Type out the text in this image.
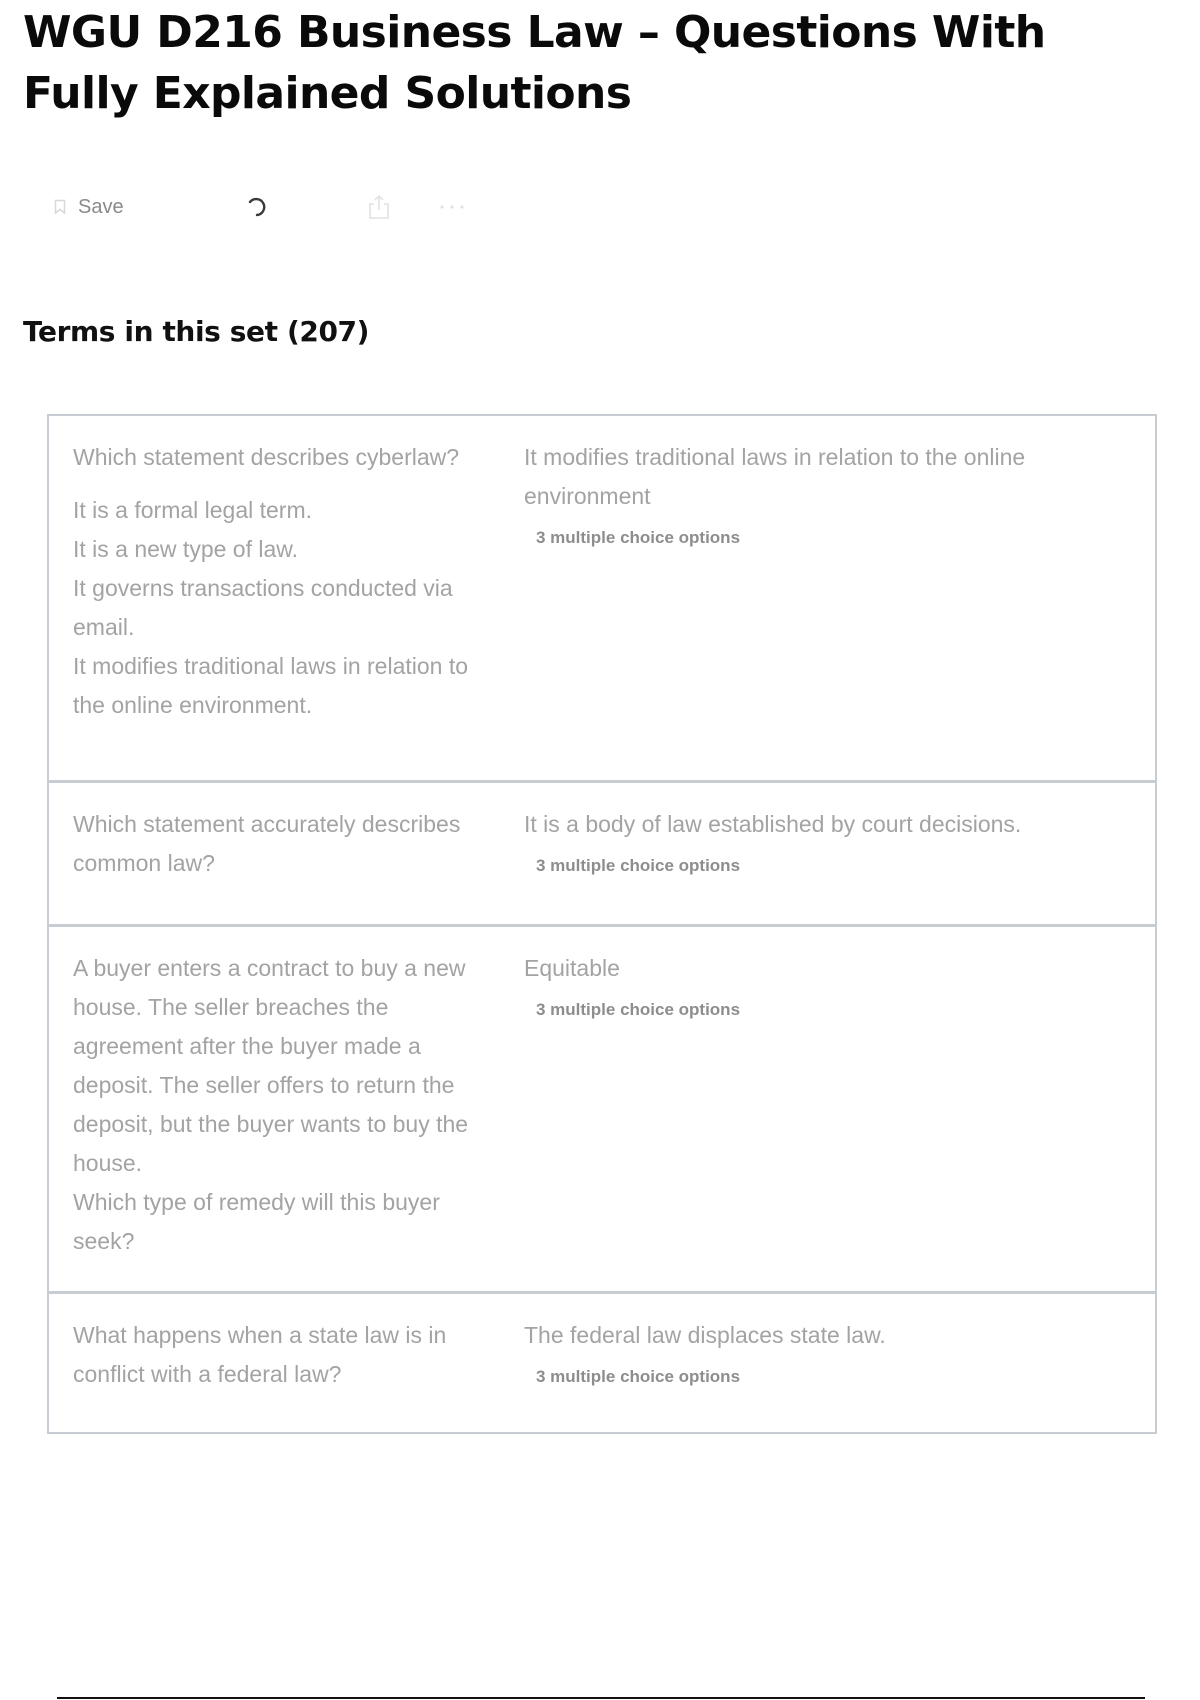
WGU D216 Business Law – Questions With Fully Explained Solutions
Save
Terms in this set (207)

Which statement describes cyberlaw?

It is a formal legal term.
It is a new type of law.
It governs transactions conducted via email.
It modifies traditional laws in relation to the online environment.

It modifies traditional laws in relation to the online environment

3 multiple choice options

Which statement accurately describes common law?

It is a body of law established by court decisions.

3 multiple choice options

A buyer enters a contract to buy a new house. The seller breaches the agreement after the buyer made a deposit. The seller offers to return the deposit, but the buyer wants to buy the house.

Which type of remedy will this buyer seek?

Equitable

3 multiple choice options

What happens when a state law is in conflict with a federal law?

The federal law displaces state law.

3 multiple choice options
